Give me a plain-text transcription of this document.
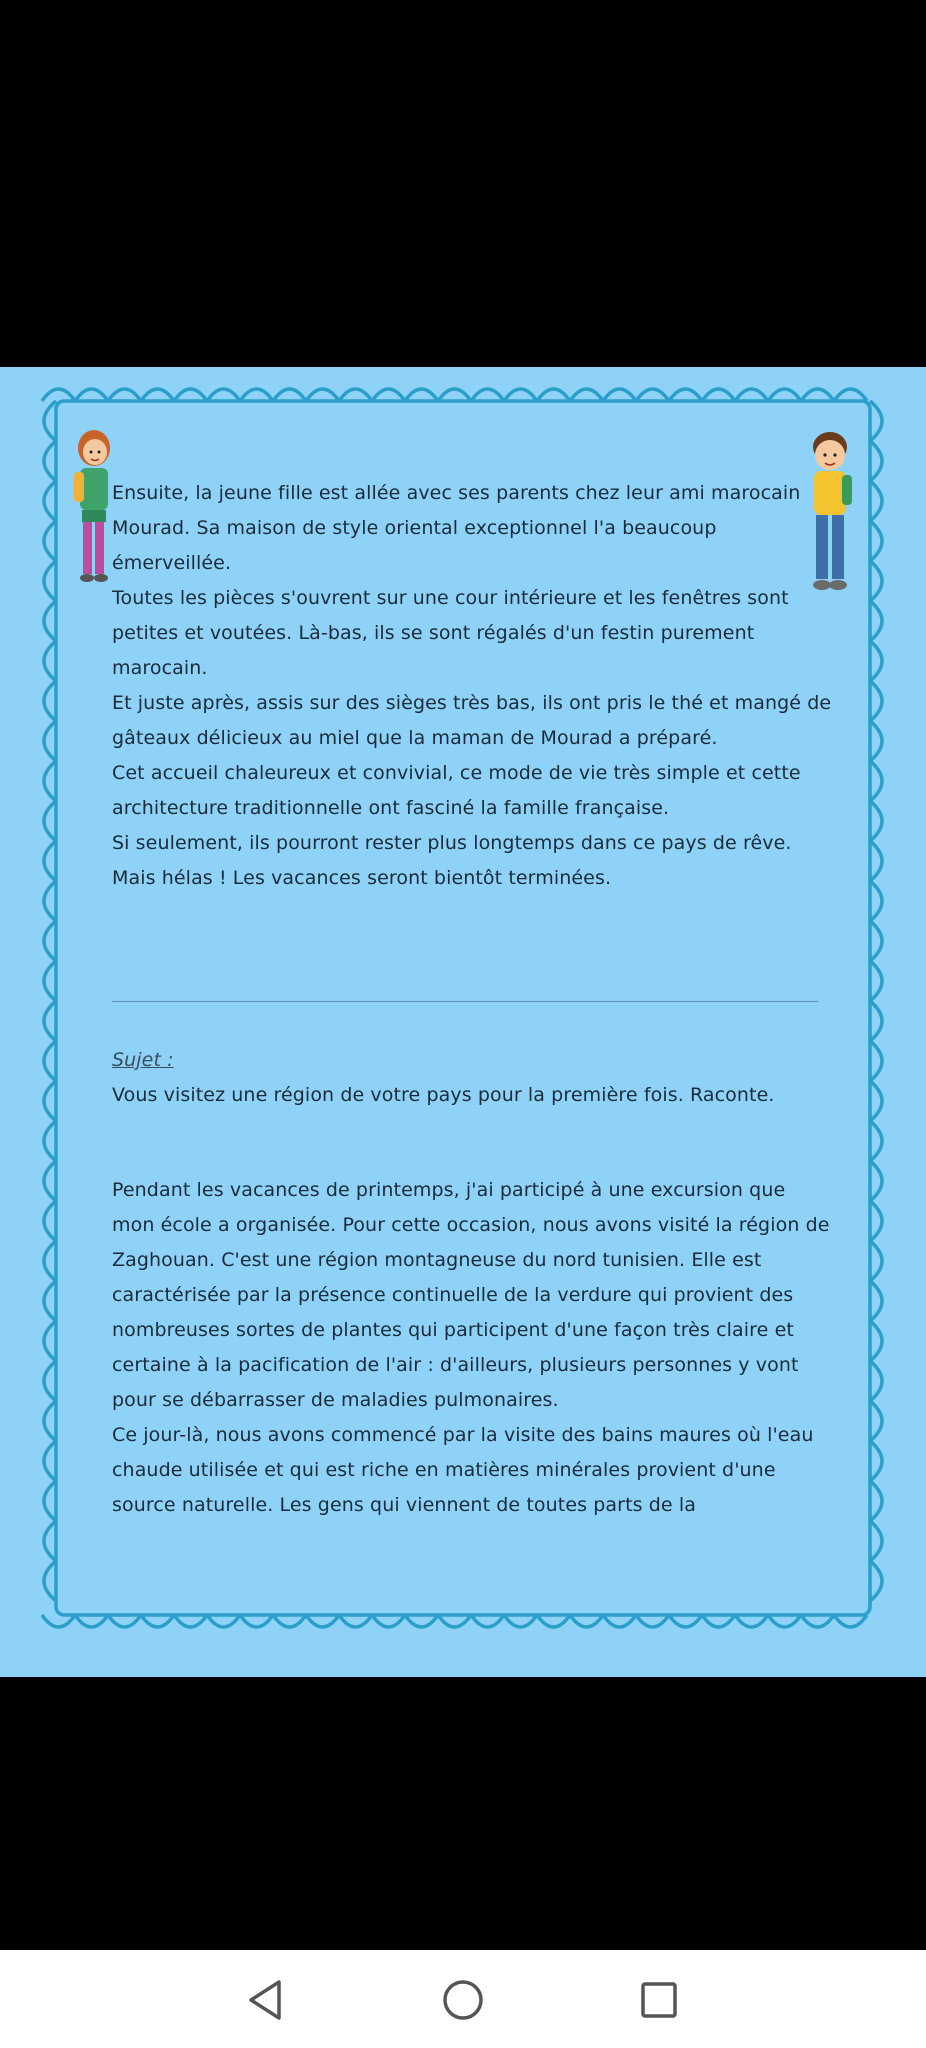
Ensuite, la jeune fille est allée avec ses parents chez leur ami marocain Mourad. Sa maison de style oriental exceptionnel l'a beaucoup émerveillée.

Toutes les pièces s'ouvrent sur une cour intérieure et les fenêtres sont petites et voutées. Là-bas, ils se sont régalés d'un festin purement marocain.

Et juste après, assis sur des sièges très bas, ils ont pris le thé et mangé de gâteaux délicieux au miel que la maman de Mourad a préparé.

Cet accueil chaleureux et convivial, ce mode de vie très simple et cette architecture traditionnelle ont fasciné la famille française.

Si seulement, ils pourront rester plus longtemps dans ce pays de rêve.

Mais hélas ! Les vacances seront bientôt terminées.

Sujet :

Vous visitez une région de votre pays pour la première fois. Raconte.

Pendant les vacances de printemps, j'ai participé à une excursion que mon école a organisée. Pour cette occasion, nous avons visité la région de Zaghouan. C'est une région montagneuse du nord tunisien. Elle est caractérisée par la présence continuelle de la verdure qui provient des nombreuses sortes de plantes qui participent d'une façon très claire et certaine à la pacification de l'air : d'ailleurs, plusieurs personnes y vont pour se débarrasser de maladies pulmonaires.

Ce jour-là, nous avons commencé par la visite des bains maures où l'eau chaude utilisée et qui est riche en matières minérales provient d'une source naturelle. Les gens qui viennent de toutes parts de la
